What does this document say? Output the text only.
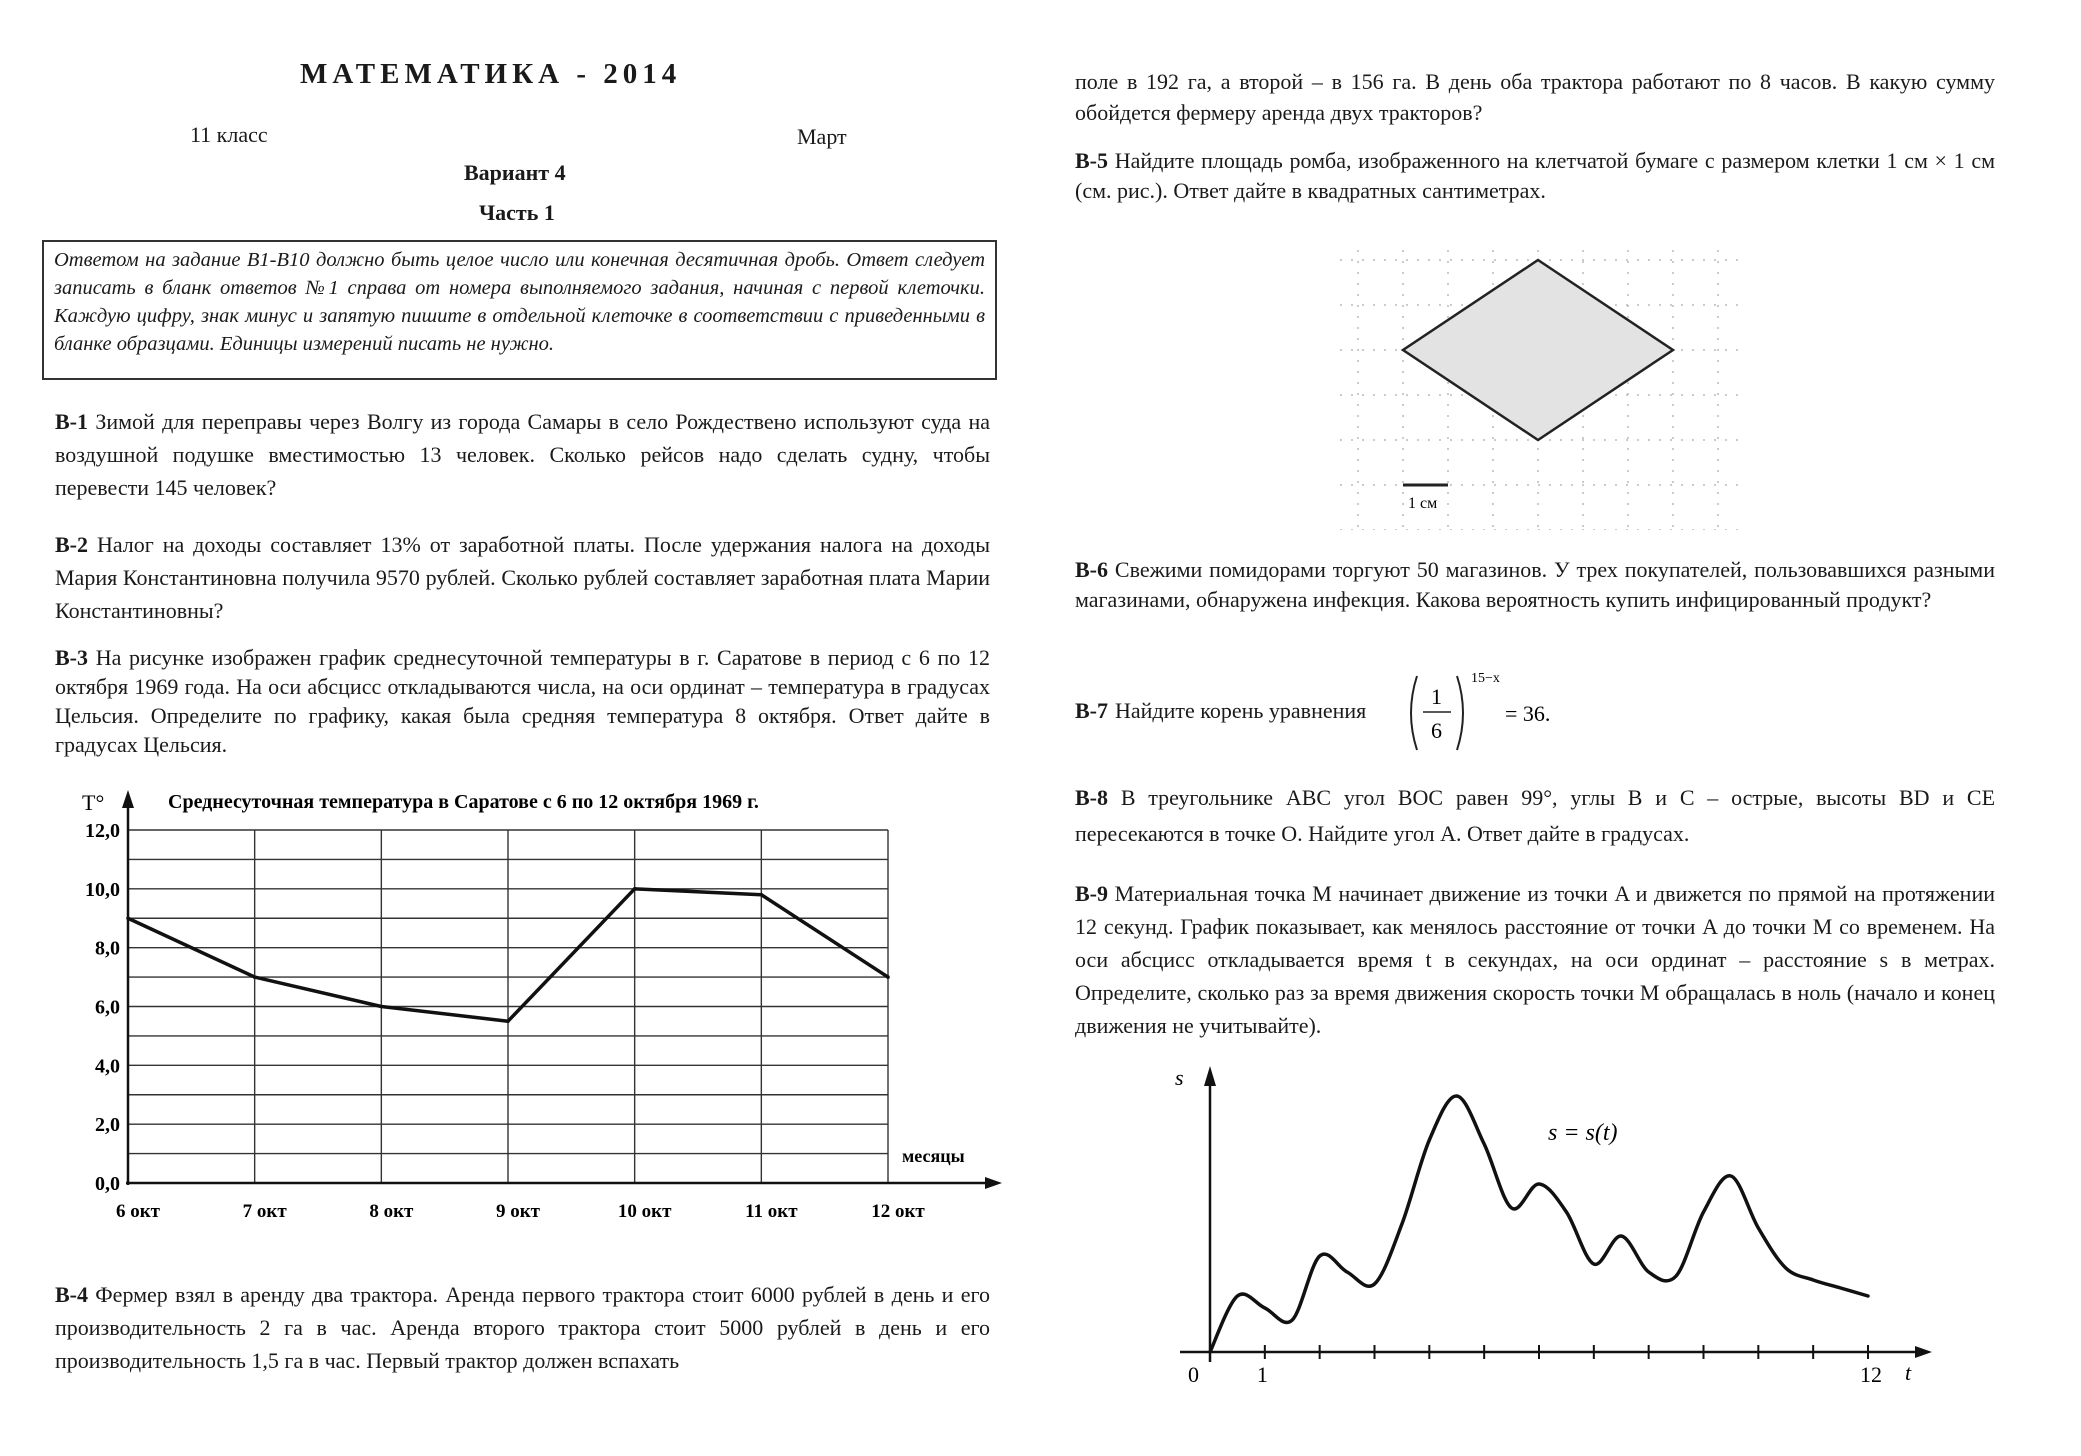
МАТЕМАТИКА - 2014
11 класс	Март
Вариант 4
Часть 1
Ответом на задание В1-В10 должно быть целое число или конечная десятичная дробь. Ответ следует записать в бланк ответов №1 справа от номера выполняемого задания, начиная с первой клеточки. Каждую цифру, знак минус и запятую пишите в отдельной клеточке в соответствии с приведенными в бланке образцами. Единицы измерений писать не нужно.
В-1 Зимой для переправы через Волгу из города Самары в село Рождествено используют суда на воздушной подушке вместимостью 13 человек. Сколько рейсов надо сделать судну, чтобы перевести 145 человек?
В-2 Налог на доходы составляет 13% от заработной платы. После удержания налога на доходы Мария Константиновна получила 9570 рублей. Сколько рублей составляет заработная плата Марии Константиновны?
В-3 На рисунке изображен график среднесуточной температуры в г. Саратове в период с 6 по 12 октября 1969 года. На оси абсцисс откладываются числа, на оси ординат – температура в градусах Цельсия. Определите по графику, какая была средняя температура 8 октября. Ответ дайте в градусах Цельсия.
0,0
2,0
4,0
6,0
8,0
10,0
12,0
6 окт	7 окт	8 окт	9 окт	10 окт	11 окт	12 окт
Среднесуточная температура в Саратове с 6 по 12 октября 1969 г.
T°
месяцы
В-4 Фермер взял в аренду два трактора. Аренда первого трактора стоит 6000 рублей в день и его производительность 2 га в час. Аренда второго трактора стоит 5000 рублей в день и его производительность 1,5 га в час. Первый трактор должен вспахать
поле в 192 га, а второй – в 156 га. В день оба трактора работают по 8 часов. В какую сумму обойдется фермеру аренда двух тракторов?
В-5 Найдите площадь ромба, изображенного на клетчатой бумаге с размером клетки 1 см × 1 см (см. рис.). Ответ дайте в квадратных сантиметрах.
1 см
В-6 Свежими помидорами торгуют 50 магазинов. У трех покупателей, пользовавшихся разными магазинами, обнаружена инфекция. Какова вероятность купить инфицированный продукт?
В-7 Найдите корень уравнения
1
6
15−x
= 36.
В-8 В треугольнике ABC угол BOC равен 99°, углы B и C – острые, высоты BD и CE пересекаются в точке O. Найдите угол A. Ответ дайте в градусах.
В-9 Материальная точка M начинает движение из точки A и движется по прямой на протяжении 12 секунд. График показывает, как менялось расстояние от точки A до точки M со временем. На оси абсцисс откладывается время t в секундах, на оси ординат – расстояние s в метрах. Определите, сколько раз за время движения скорость точки M обращалась в ноль (начало и конец движения не учитывайте).
0	1	12
s
t
s = s(t)
